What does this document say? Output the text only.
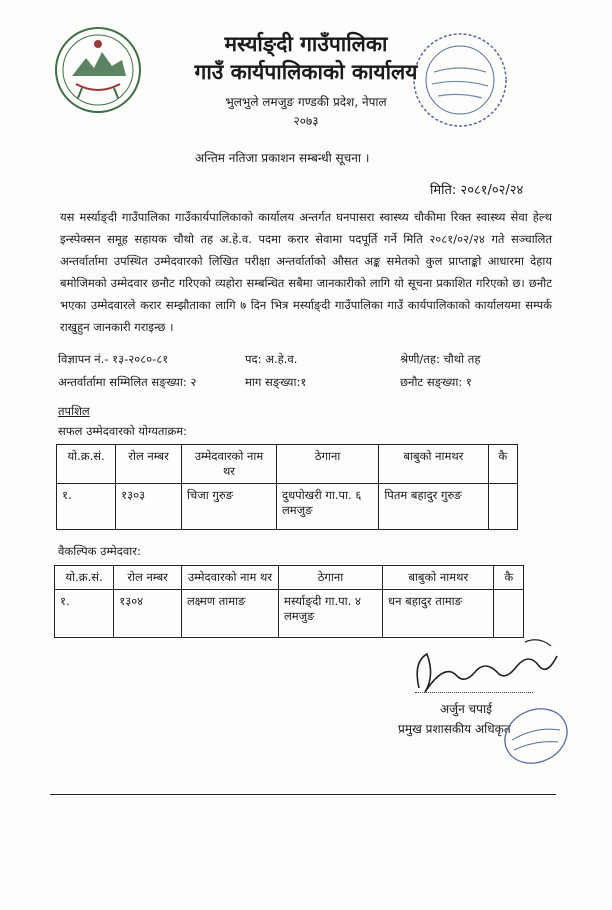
मर्स्याङ्दी गाउँपालिका
गाउँ कार्यपालिकाको कार्यालय
भुलभुले लमजुङ गण्डकी प्रदेश, नेपाल
२०७३
अन्तिम नतिजा प्रकाशन सम्बन्धी सूचना ।
मिति: २०८१/०२/२४
यस मर्स्याङ्दी गाउँपालिका गाउँकार्यपालिकाको कार्यालय अन्तर्गत घनपासरा स्वास्थ्य चौकीमा रिक्त स्वास्थ्य सेवा हेल्थ इन्स्पेक्सन समूह सहायक चौथो तह अ.हे.व. पदमा करार सेवामा पदपूर्ति गर्ने मिति २०८१/०२/२४ गते सञ्चालित अन्तर्वार्तामा उपस्थित उम्मेदवारको लिखित परीक्षा अन्तर्वार्ताको औसत अङ्क समेतको कुल प्राप्ताङ्को आधारमा देहाय बमोजिमको उम्मेदवार छनौट गरिएको व्यहोरा सम्बन्धित सबैमा जानकारीको लागि यो सूचना प्रकाशित गरिएको छ। छनौट भएका उम्मेदवारले करार सम्झौताका लागि ७ दिन भित्र मर्स्याङ्दी गाउँपालिका गाउँ कार्यपालिकाको कार्यालयमा सम्पर्क राखुहुन जानकारी गराइन्छ ।
विज्ञापन नं.- १३-२०८०-८१	पद: अ.हे.व.	श्रेणी/तह: चौथो तह
अन्तर्वार्तामा सम्मिलित सङ्ख्या: २	माग सङ्ख्या:१	छनौट सङ्ख्या: १
तपशिल
सफल उम्मेदवारको योग्यताक्रम:
यो.क्र.सं.	रोल नम्बर	उम्मेदवारको नाम थर	ठेगाना	बाबुको नामथर	कै
१.	१३०३	चिजा गुरुङ	दुधपोखरी गा.पा. ६ लमजुङ	पितम बहादुर गुरुङ	
वैकल्पिक उम्मेदवार:
यो.क्र.सं.	रोल नम्बर	उम्मेदवारको नाम थर	ठेगाना	बाबुको नामथर	कै
१.	१३०४	लक्ष्मण तामाङ	मर्स्याङ्दी गा.पा. ४ लमजुङ	धन बहादुर तामाङ	
अर्जुन चपाई
प्रमुख प्रशासकीय अधिकृत
